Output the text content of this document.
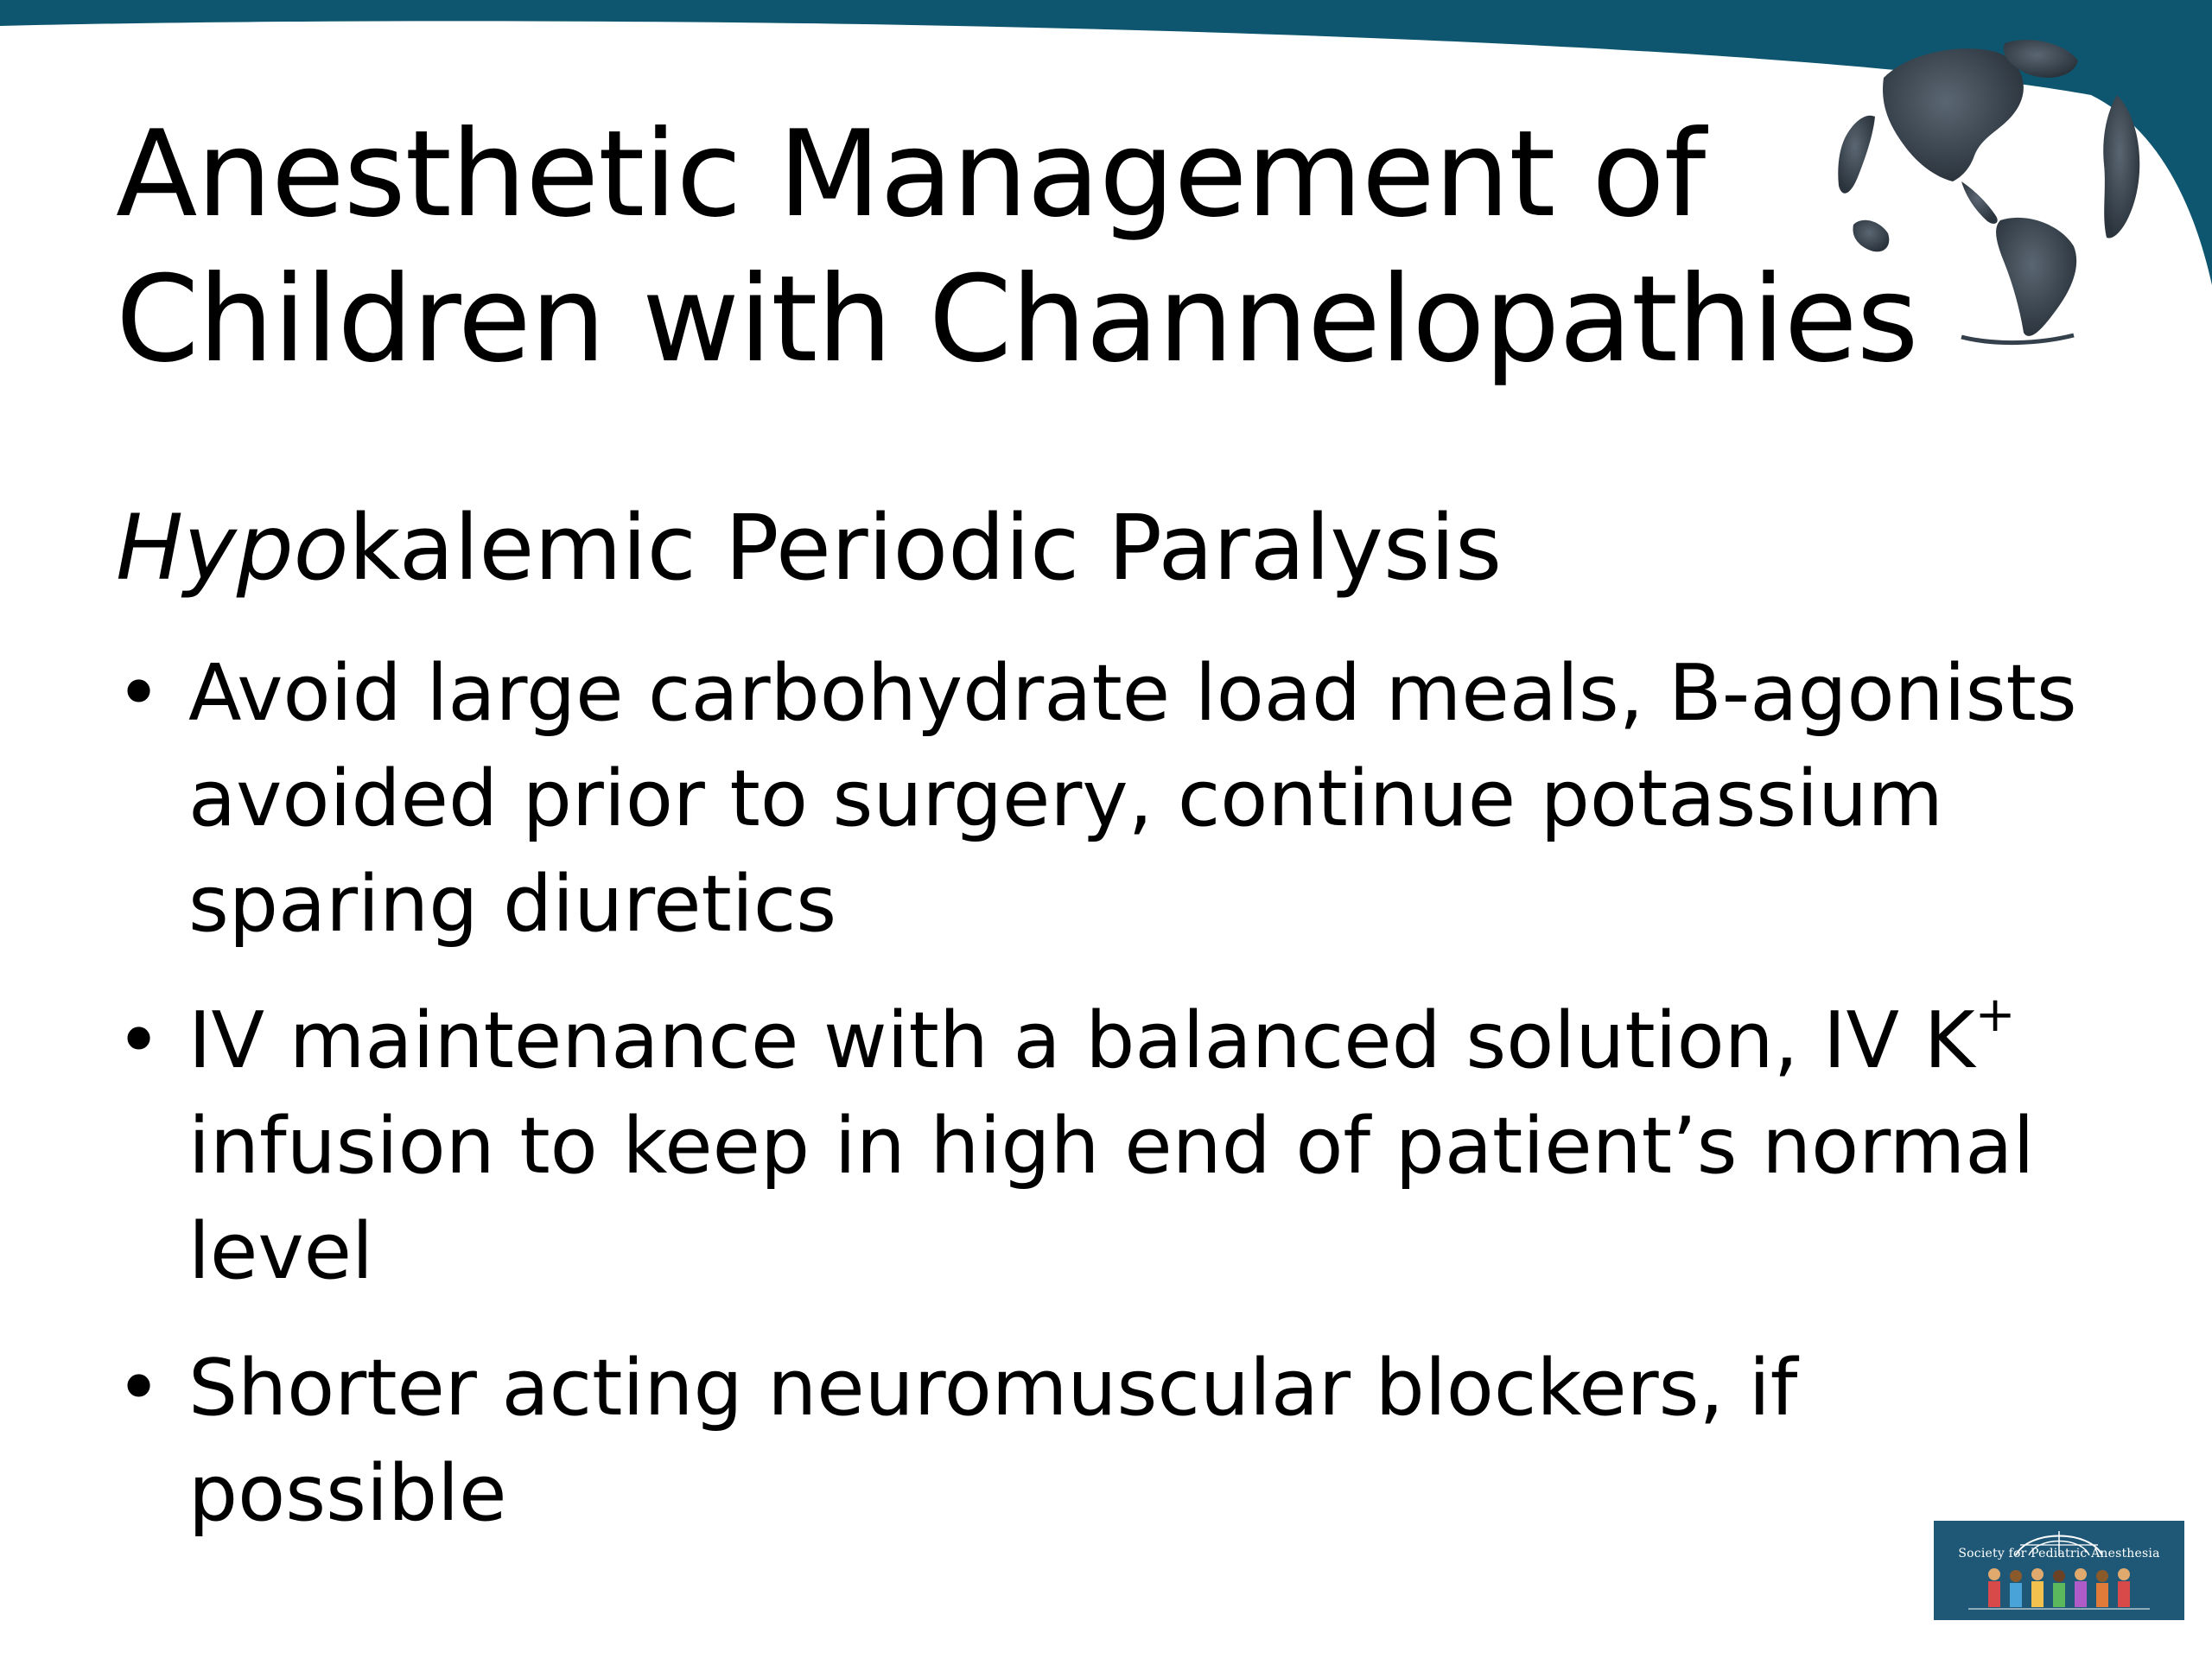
Anesthetic Management of
Children with Channelopathies

Hypokalemic Periodic Paralysis

• Avoid large carbohydrate load meals, B-agonists avoided prior to surgery, continue potassium sparing diuretics
• IV maintenance with a balanced solution, IV K+ infusion to keep in high end of patient’s normal level
• Shorter acting neuromuscular blockers, if possible
Society for Pediatric Anesthesia
